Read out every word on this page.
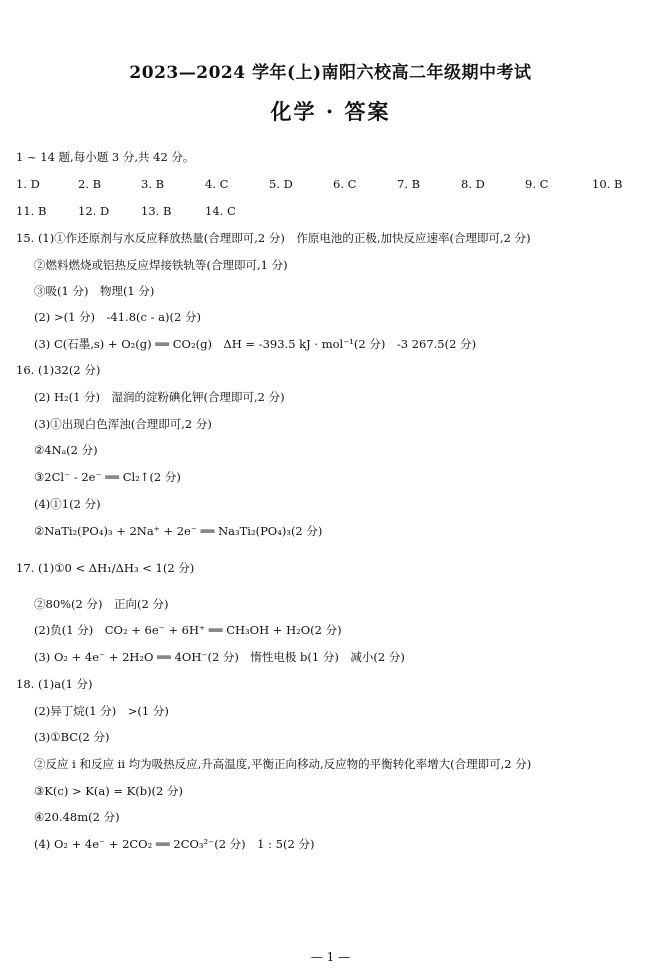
2023—2024 学年(上)南阳六校高二年级期中考试
化学 · 答案
1 ~ 14 题,每小题 3 分,共 42 分。
1. D	2. B	3. B	4. C	5. D	6. C	7. B	8. D	9. C	10. B
11. B	12. D	13. B	14. C
15. (1)①作还原剂与水反应释放热量(合理即可,2 分)　作原电池的正极,加快反应速率(合理即可,2 分)
②燃料燃烧或铝热反应焊接铁轨等(合理即可,1 分)
③吸(1 分)　物理(1 分)
(2) >(1 分)　-41.8(c - a)(2 分)
(3) C(石墨,s) + O₂(g) ══ CO₂(g)　ΔH = -393.5 kJ · mol⁻¹(2 分)　-3 267.5(2 分)
16. (1)32(2 分)
(2) H₂(1 分)　湿润的淀粉碘化钾(合理即可,2 分)
(3)①出现白色浑浊(合理即可,2 分)
②4Nₐ(2 分)
③2Cl⁻ - 2e⁻ ══ Cl₂↑(2 分)
(4)①1(2 分)
②NaTi₂(PO₄)₃ + 2Na⁺ + 2e⁻ ══ Na₃Ti₂(PO₄)₃(2 分)
17. (1)①0 < ΔH₁/ΔH₃ < 1(2 分)
②80%(2 分)　正向(2 分)
(2)负(1 分)　CO₂ + 6e⁻ + 6H⁺ ══ CH₃OH + H₂O(2 分)
(3) O₂ + 4e⁻ + 2H₂O ══ 4OH⁻(2 分)　惰性电极 b(1 分)　减小(2 分)
18. (1)a(1 分)
(2)异丁烷(1 分)　>(1 分)
(3)①BC(2 分)
②反应 i 和反应 ii 均为吸热反应,升高温度,平衡正向移动,反应物的平衡转化率增大(合理即可,2 分)
③K(c) > K(a) = K(b)(2 分)
④20.48m(2 分)
(4) O₂ + 4e⁻ + 2CO₂ ══ 2CO₃²⁻(2 分)　1 : 5(2 分)
— 1 —
